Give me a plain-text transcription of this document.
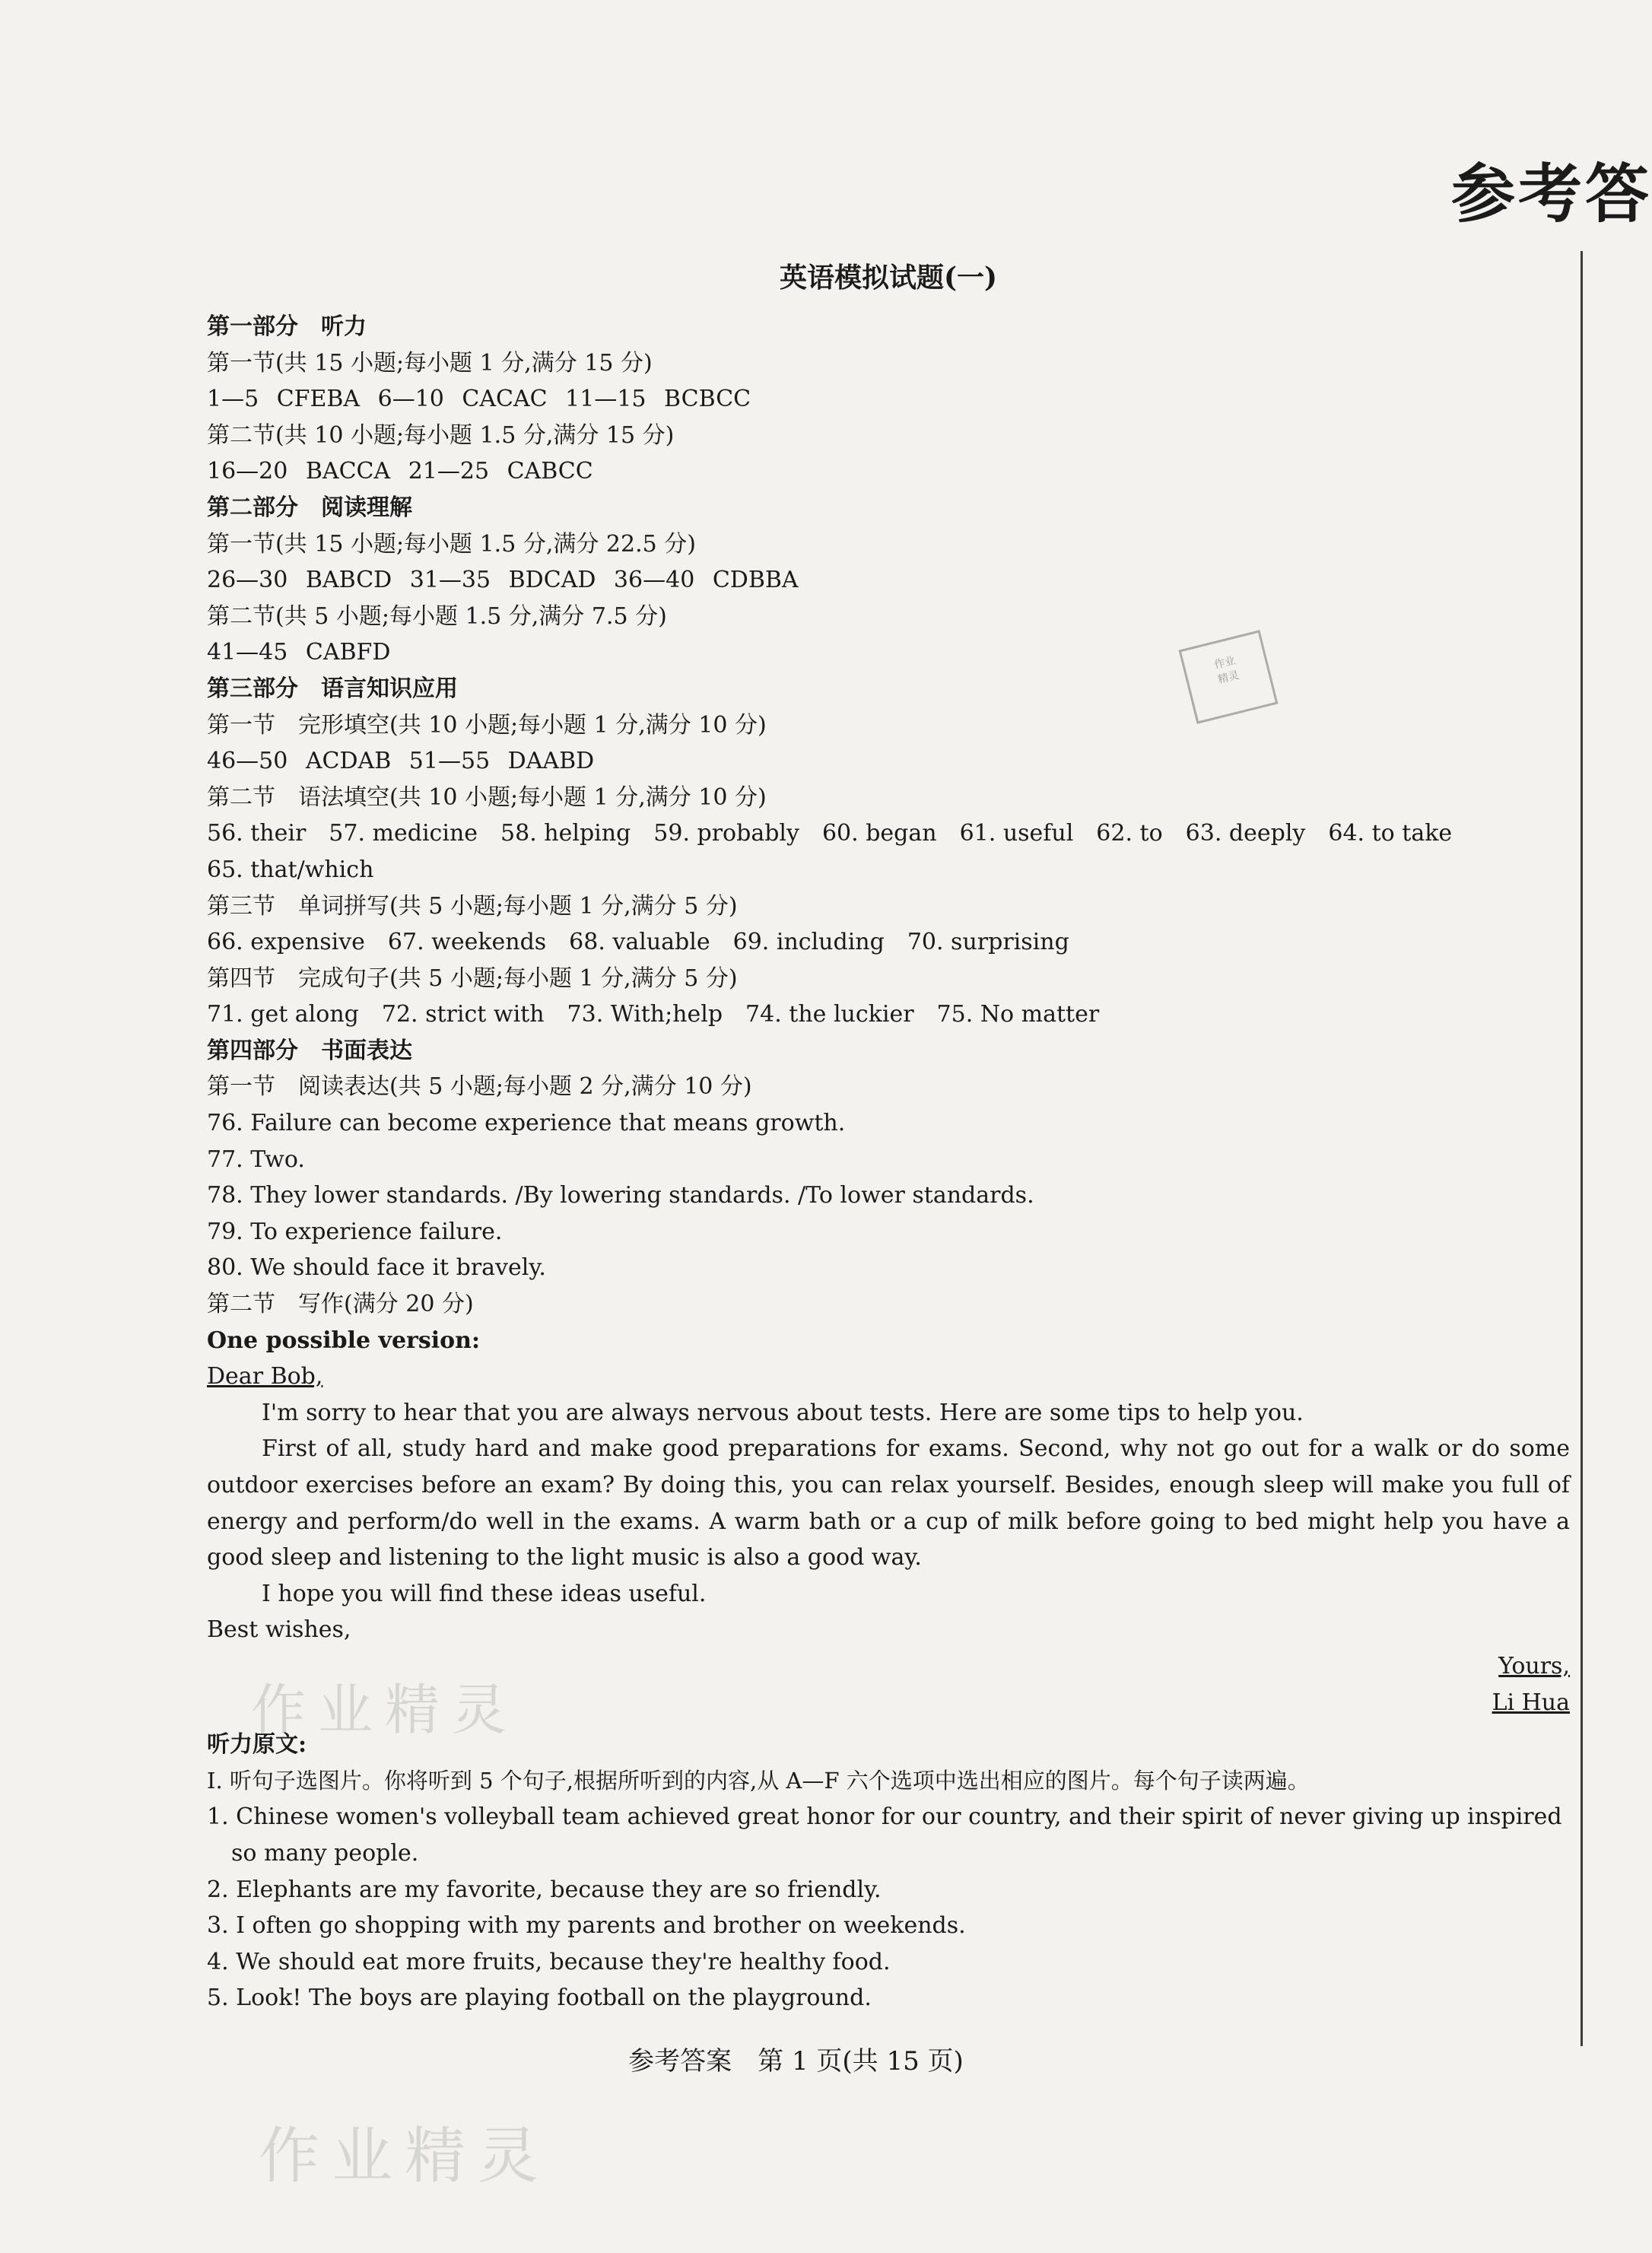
参考答
作业
精灵
作业精灵
作业精灵
英语模拟试题(一)
第一部分　听力
第一节(共 15 小题;每小题 1 分,满分 15 分)
1—5 CFEBA 6—10 CACAC 11—15 BCBCC
第二节(共 10 小题;每小题 1.5 分,满分 15 分)
16—20 BACCA 21—25 CABCC
第二部分　阅读理解
第一节(共 15 小题;每小题 1.5 分,满分 22.5 分)
26—30 BABCD 31—35 BDCAD 36—40 CDBBA
第二节(共 5 小题;每小题 1.5 分,满分 7.5 分)
41—45 CABFD
第三部分　语言知识应用
第一节　完形填空(共 10 小题;每小题 1 分,满分 10 分)
46—50 ACDAB 51—55 DAABD
第二节　语法填空(共 10 小题;每小题 1 分,满分 10 分)
56. their　57. medicine　58. helping　59. probably　60. began　61. useful　62. to　63. deeply　64. to take
65. that/which
第三节　单词拼写(共 5 小题;每小题 1 分,满分 5 分)
66. expensive　67. weekends　68. valuable　69. including　70. surprising
第四节　完成句子(共 5 小题;每小题 1 分,满分 5 分)
71. get along　72. strict with　73. With;help　74. the luckier　75. No matter
第四部分　书面表达
第一节　阅读表达(共 5 小题;每小题 2 分,满分 10 分)
76. Failure can become experience that means growth.
77. Two.
78. They lower standards. /By lowering standards. /To lower standards.
79. To experience failure.
80. We should face it bravely.
第二节　写作(满分 20 分)
One possible version:
Dear Bob,
I'm sorry to hear that you are always nervous about tests. Here are some tips to help you.
First of all, study hard and make good preparations for exams. Second, why not go out for a walk or do some outdoor exercises before an exam? By doing this, you can relax yourself. Besides, enough sleep will make you full of energy and perform/do well in the exams. A warm bath or a cup of milk before going to bed might help you have a good sleep and listening to the light music is also a good way.
I hope you will find these ideas useful.
Best wishes,
Yours,
Li Hua
听力原文:
Ⅰ. 听句子选图片。你将听到 5 个句子,根据所听到的内容,从 A—F 六个选项中选出相应的图片。每个句子读两遍。
1. Chinese women's volleyball team achieved great honor for our country, and their spirit of never giving up inspired so many people.
2. Elephants are my favorite, because they are so friendly.
3. I often go shopping with my parents and brother on weekends.
4. We should eat more fruits, because they're healthy food.
5. Look! The boys are playing football on the playground.
参考答案　第 1 页(共 15 页)
